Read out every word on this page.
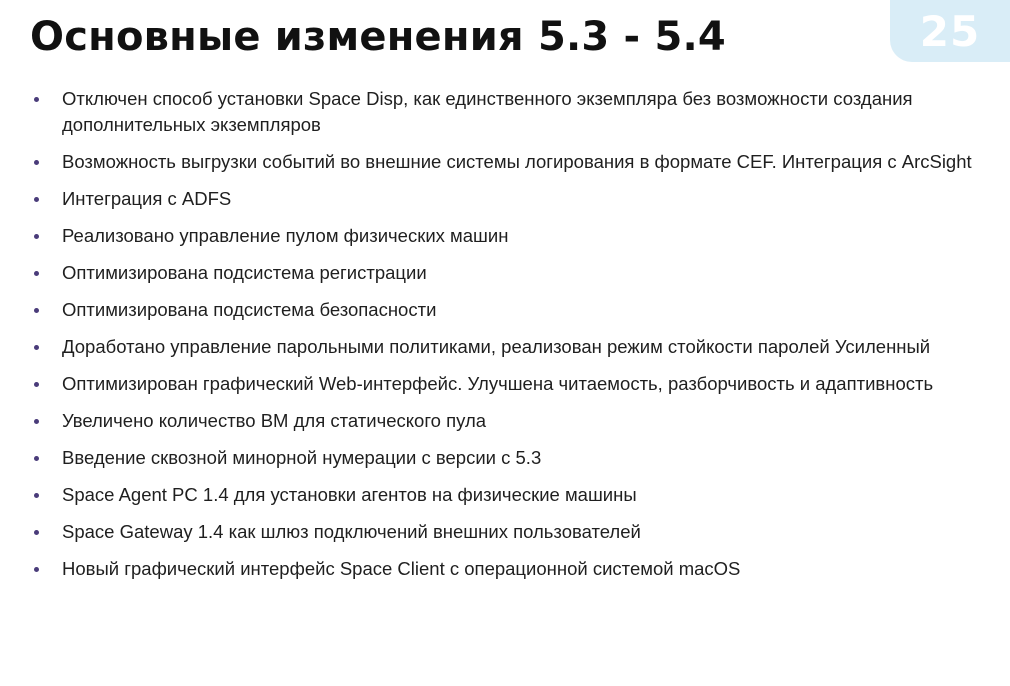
Основные изменения 5.3 - 5.4	25
Отключен способ установки Space Disp, как единственного экземпляра без возможности создания дополнительных экземпляров
Возможность выгрузки событий во внешние системы логирования в формате CEF. Интеграция с ArcSight
Интеграция с ADFS
Реализовано управление пулом физических машин
Оптимизирована подсистема регистрации
Оптимизирована подсистема безопасности
Доработано управление парольными политиками, реализован режим стойкости паролей Усиленный
Оптимизирован графический Web-интерфейс. Улучшена читаемость, разборчивость и адаптивность
Увеличено количество ВМ для статического пула
Введение сквозной минорной нумерации с версии с 5.3
Space Agent PC 1.4 для установки агентов на физические машины
Space Gateway 1.4 как шлюз подключений внешних пользователей
Новый графический интерфейс Space Client с операционной системой macOS
